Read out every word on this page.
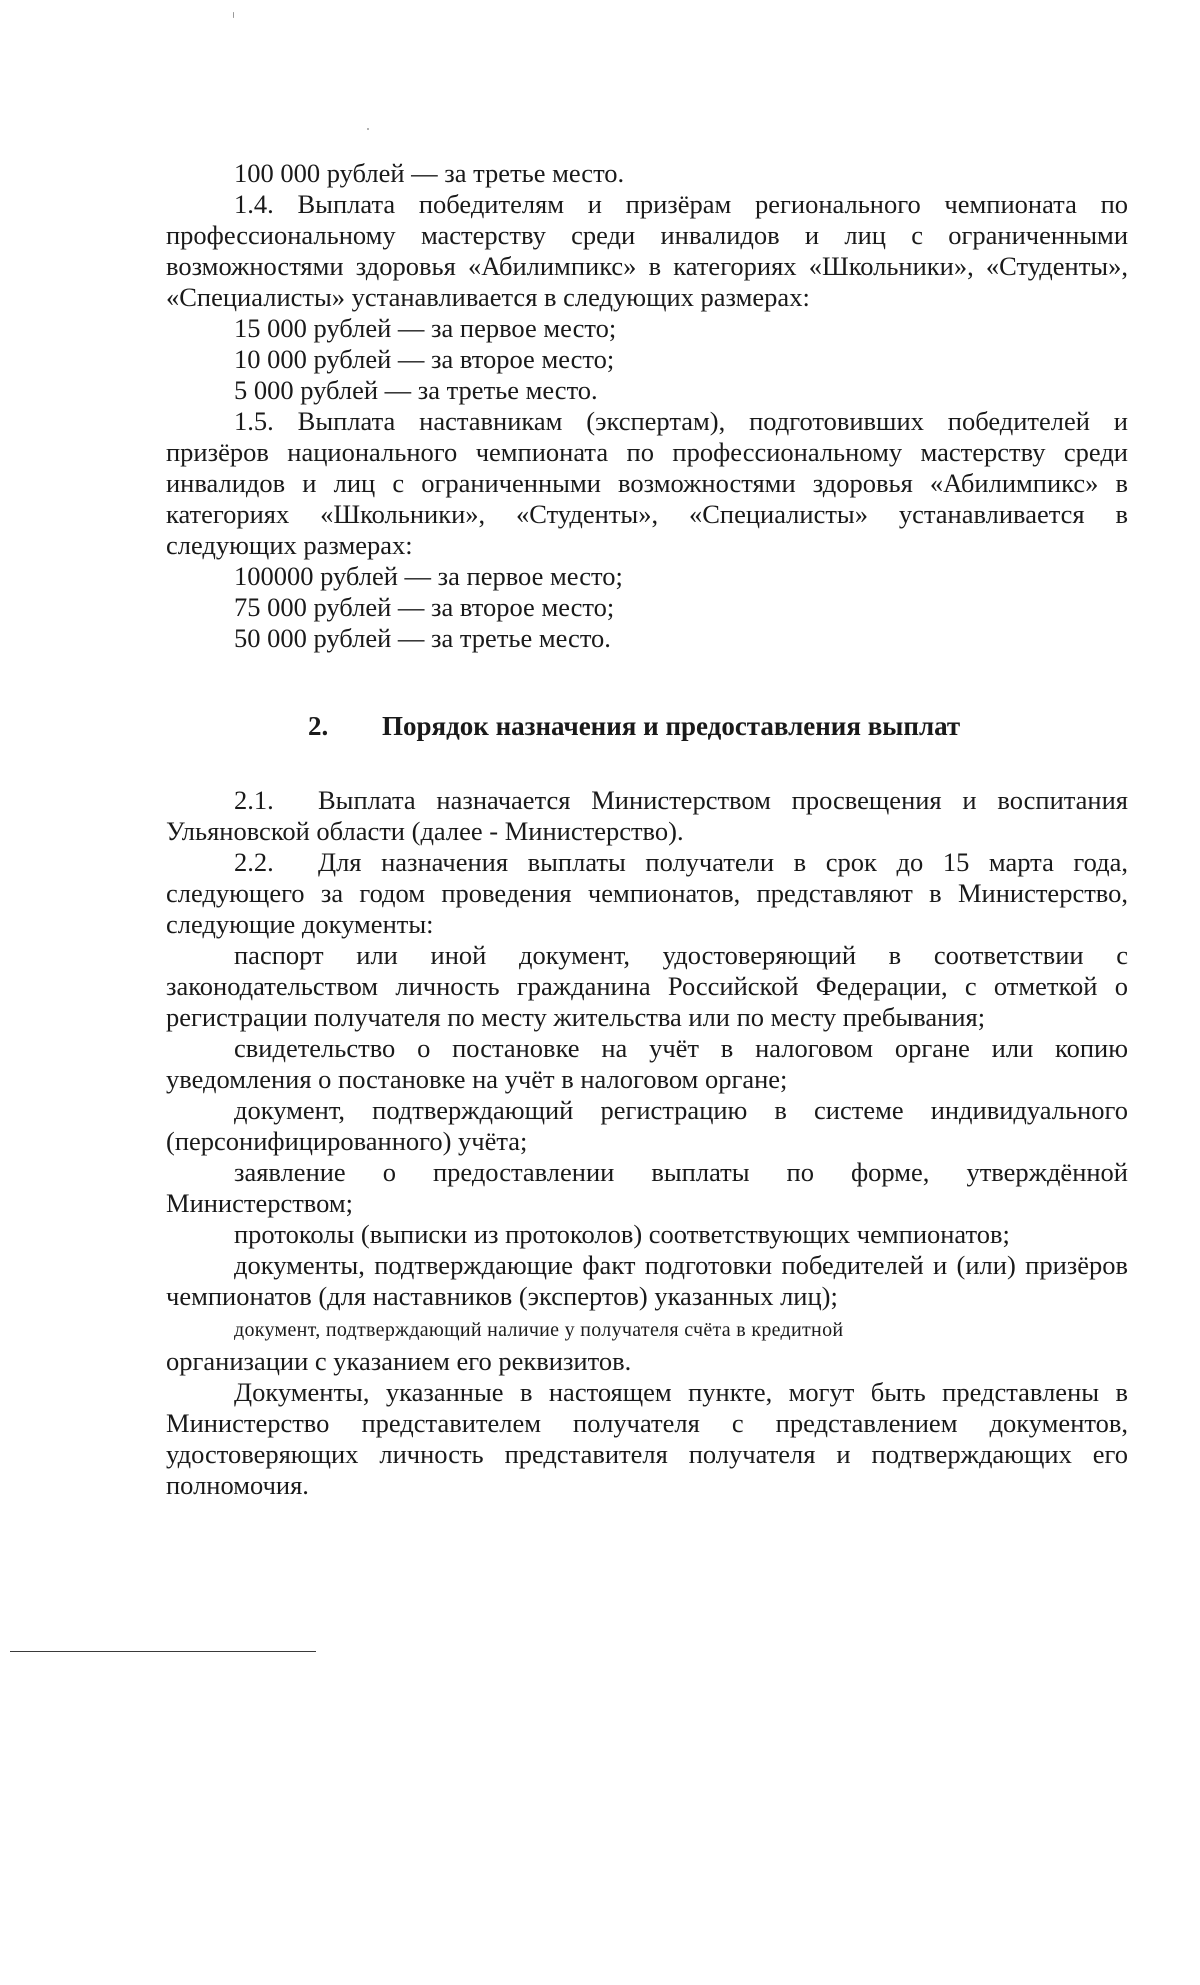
100 000 рублей — за третье место.

1.4. Выплата победителям и призёрам регионального чемпионата по профессиональному мастерству среди инвалидов и лиц с ограниченными возможностями здоровья «Абилимпикс» в категориях «Школьники», «Студенты», «Специалисты» устанавливается в следующих размерах:

15 000 рублей — за первое место;

10 000 рублей — за второе место;

5 000 рублей — за третье место.

1.5. Выплата наставникам (экспертам), подготовивших победителей и призёров национального чемпионата по профессиональному мастерству среди инвалидов и лиц с ограниченными возможностями здоровья «Абилимпикс» в категориях «Школьники», «Студенты», «Специалисты» устанавливается в следующих размерах:

100000 рублей — за первое место;

75 000 рублей — за второе место;

50 000 рублей — за третье место.

2. Порядок назначения и предоставления выплат

2.1. Выплата назначается Министерством просвещения и воспитания Ульяновской области (далее - Министерство).

2.2. Для назначения выплаты получатели в срок до 15 марта года, следующего за годом проведения чемпионатов, представляют в Министерство, следующие документы:

паспорт или иной документ, удостоверяющий в соответствии с законодательством личность гражданина Российской Федерации, с отметкой о регистрации получателя по месту жительства или по месту пребывания;

свидетельство о постановке на учёт в налоговом органе или копию уведомления о постановке на учёт в налоговом органе;

документ, подтверждающий регистрацию в системе индивидуального (персонифицированного) учёта;

заявление о предоставлении выплаты по форме, утверждённой Министерством;

протоколы (выписки из протоколов) соответствующих чемпионатов;

документы, подтверждающие факт подготовки победителей и (или) призёров чемпионатов (для наставников (экспертов) указанных лиц);

документ, подтверждающий наличие у получателя счёта в кредитной
организации с указанием его реквизитов.

Документы, указанные в настоящем пункте, могут быть представлены в Министерство представителем получателя с представлением документов, удостоверяющих личность представителя получателя и подтверждающих его полномочия.
